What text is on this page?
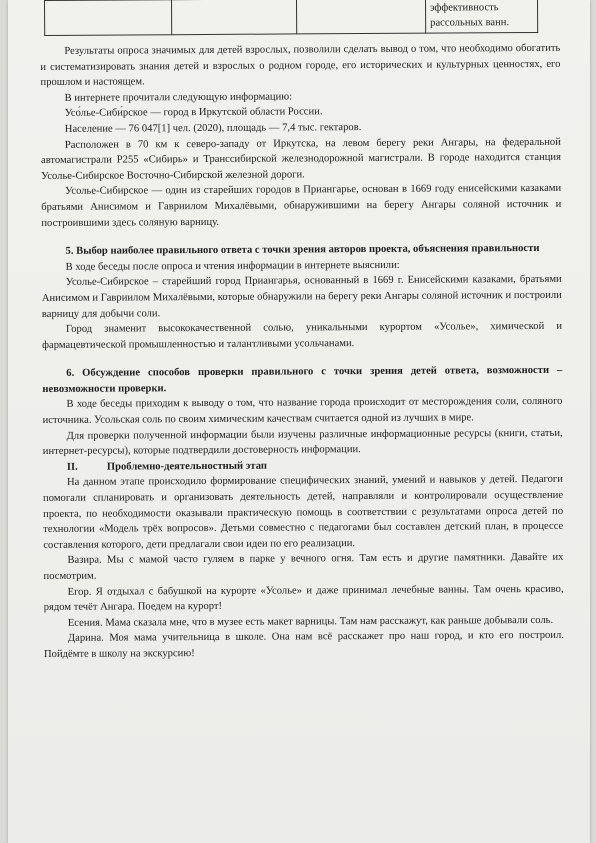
			эффективность рассольных ванн.

Результаты опроса значимых для детей взрослых, позволили сделать вывод о том, что необходимо обогатить и систематизировать знания детей и взрослых о родном городе, его исторических и культурных ценностях, его прошлом и настоящем.

В интернете прочитали следующую информацию:

Усо́лье-Сиби́рское — город в Иркутской области России.

Население — 76 047[1] чел. (2020), площадь — 7,4 тыс. гектаров.

Расположен в 70 км к северо-западу от Иркутска, на левом берегу реки Ангары, на федеральной автомагистрали Р255 «Сибирь» и Транссибирской железнодорожной магистрали. В городе находится станция Усолье-Сибирское Восточно-Сибирской железной дороги.

Усолье-Сибирское — один из старейших городов в Приангарье, основан в 1669 году енисейскими казаками братьями Анисимом и Гавриилом Михалёвыми, обнаружившими на берегу Ангары соляной источник и построившими здесь соляную варницу.

5. Выбор наиболее правильного ответа с точки зрения авторов проекта, объяснения правильности

В ходе беседы после опроса и чтения информации в интернете выяснили:

Усолье-Сибирское – старейший город Приангарья, основанный в 1669 г. Енисейскими казаками, братьями Анисимом и Гавриилом Михалёвыми, которые обнаружили на берегу реки Ангары соляной источник и построили варницу для добычи соли.

Город знаменит высококачественной солью, уникальными курортом «Усолье», химической и фармацевтической промышленностью и талантливыми усольчанами.

6. Обсуждение способов проверки правильного с точки зрения детей ответа, возможности – невозможности проверки.

В ходе беседы приходим к выводу о том, что название города происходит от месторождения соли, соляного источника. Усольская соль по своим химическим качествам считается одной из лучших в мире.

Для проверки полученной информации были изучены различные информационные ресурсы (книги, статьи, интернет-ресурсы), которые подтвердили достоверность информации.

II.	Проблемно-деятельностный этап

На данном этапе происходило формирование специфических знаний, умений и навыков у детей. Педагоги помогали спланировать и организовать деятельность детей, направляли и контролировали осуществление проекта, по необходимости оказывали практическую помощь в соответствии с результатами опроса детей по технологии «Модель трёх вопросов». Детьми совместно с педагогами был составлен детский план, в процессе составления которого, дети предлагали свои идеи по его реализации.

Вазира. Мы с мамой часто гуляем в парке у вечного огня. Там есть и другие памятники. Давайте их посмотрим.

Егор. Я отдыхал с бабушкой на курорте «Усолье» и даже принимал лечебные ванны. Там очень красиво, рядом течёт Ангара. Поедем на курорт!

Есения. Мама сказала мне, что в музее есть макет варницы. Там нам расскажут, как раньше добывали соль.

Дарина. Моя мама учительница в школе. Она нам всё расскажет про наш город, и кто его построил. Пойдёмте в школу на экскурсию!
